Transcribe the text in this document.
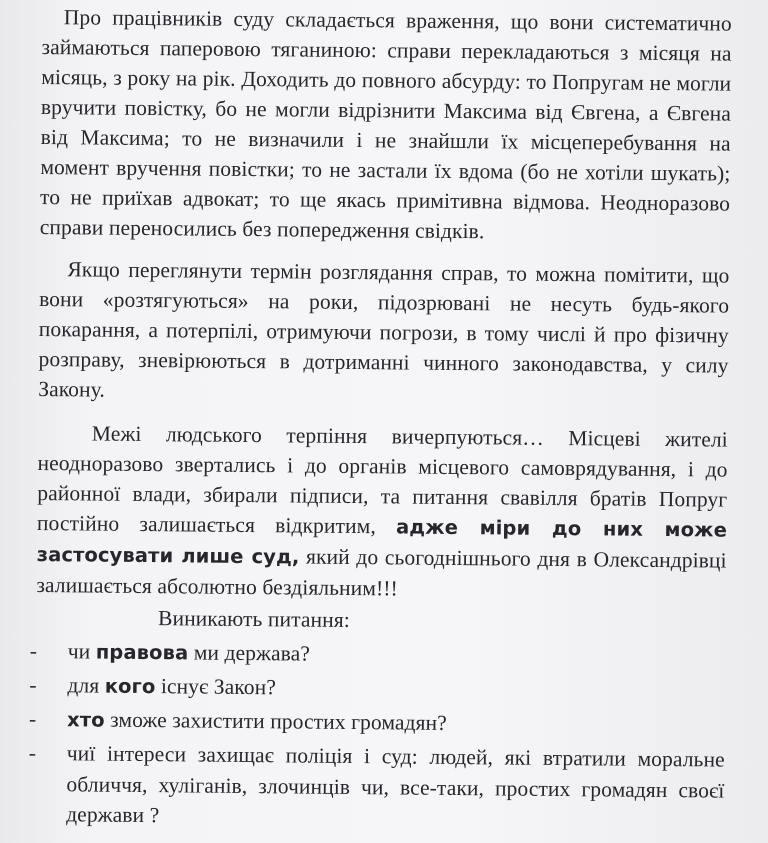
Про працівників суду складається враження, що вони систематично займаються паперовою тяганиною: справи перекладаються з місяця на місяць, з року на рік. Доходить до повного абсурду: то Попругам не могли вручити повістку, бо не могли відрізнити Максима від Євгена, а Євгена від Максима; то не визначили і не знайшли їх місцеперебування на момент вручення повістки; то не застали їх вдома (бо не хотіли шукать); то не приїхав адвокат; то ще якась примітивна відмова. Неодноразово справи переносились без попередження свідків.

Якщо переглянути термін розглядання справ, то можна помітити, що вони «розтягуються» на роки, підозрювані не несуть будь-якого покарання, а потерпілі, отримуючи погрози, в тому числі й про фізичну розправу, зневірюються в дотриманні чинного законодавства, у силу Закону.

Межі людського терпіння вичерпуються… Місцеві жителі неодноразово звертались і до органів місцевого самоврядування, і до районної влади, збирали підписи, та питання свавілля братів Попруг постійно залишається відкритим, адже міри до них може застосувати лише суд, який до сьогоднішнього дня в Олександрівці залишається абсолютно бездіяльним!!!

Виникають питання:

- чи правова ми держава?
- для кого існує Закон?
- хто зможе захистити простих громадян?
- чиї інтереси захищає поліція і суд: людей, які втратили моральне обличчя, хуліганів, злочинців чи, все-таки, простих громадян своєї держави ?
